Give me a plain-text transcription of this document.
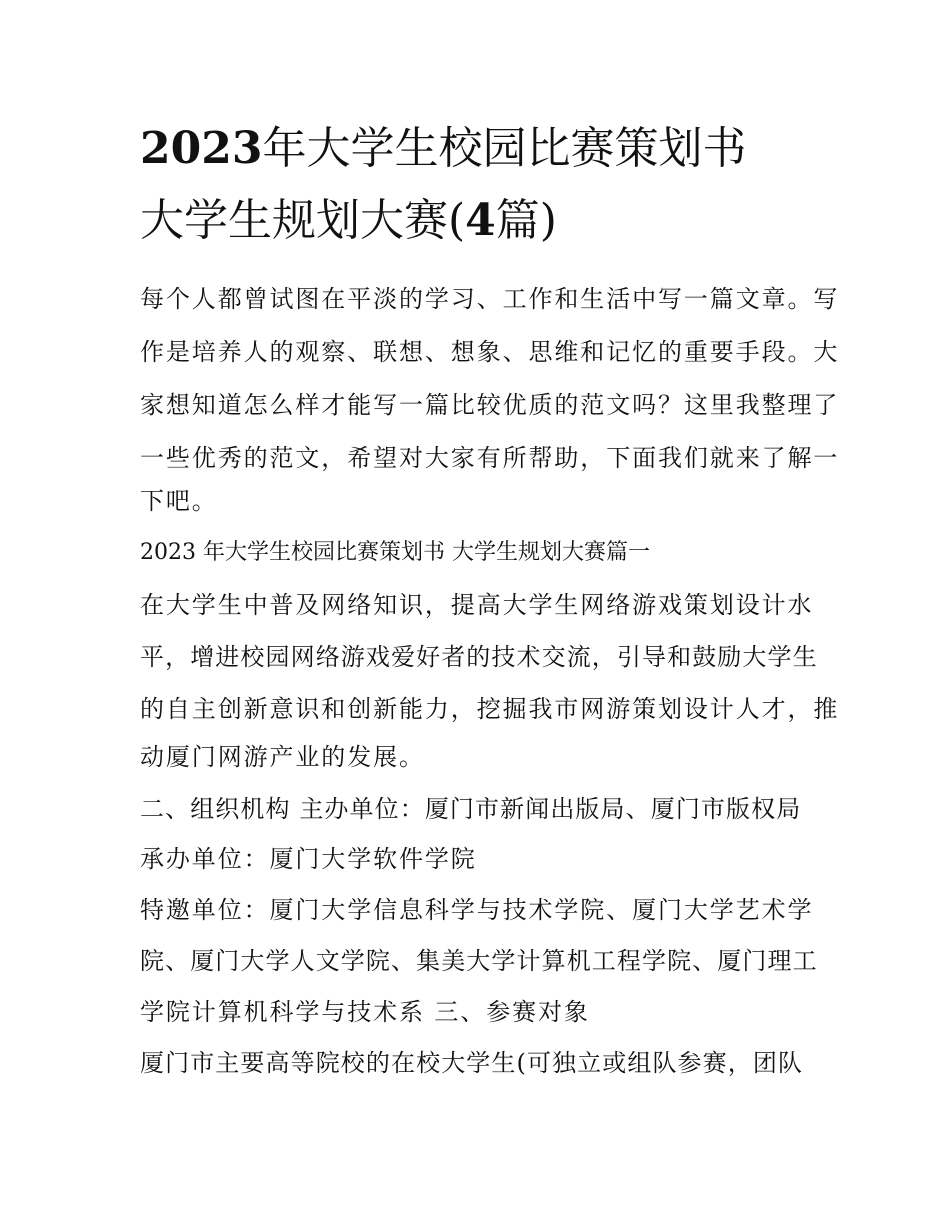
2023年大学生校园比赛策划书
大学生规划大赛(4篇)
每个人都曾试图在平淡的学习、工作和生活中写一篇文章。写
作是培养人的观察、联想、想象、思维和记忆的重要手段。大
家想知道怎么样才能写一篇比较优质的范文吗？这里我整理了
一些优秀的范文，希望对大家有所帮助，下面我们就来了解一
下吧。
2023 年大学生校园比赛策划书 大学生规划大赛篇一
在大学生中普及网络知识，提高大学生网络游戏策划设计水
平，增进校园网络游戏爱好者的技术交流，引导和鼓励大学生
的自主创新意识和创新能力，挖掘我市网游策划设计人才，推
动厦门网游产业的发展。
二、组织机构 主办单位：厦门市新闻出版局、厦门市版权局
承办单位：厦门大学软件学院
特邀单位：厦门大学信息科学与技术学院、厦门大学艺术学
院、厦门大学人文学院、集美大学计算机工程学院、厦门理工
学院计算机科学与技术系 三、参赛对象
厦门市主要高等院校的在校大学生(可独立或组队参赛，团队
